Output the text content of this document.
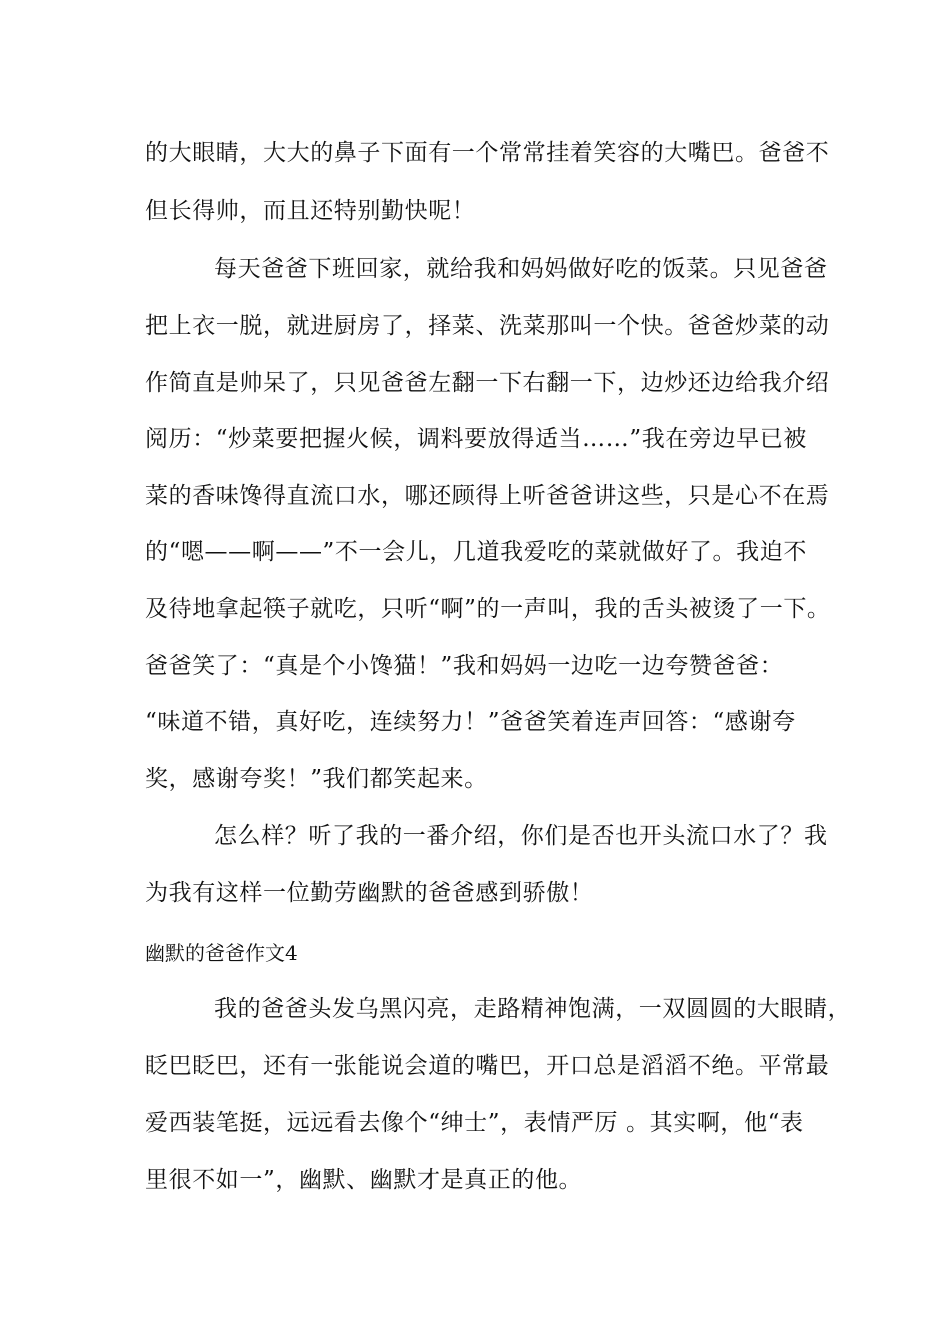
的大眼睛，大大的鼻子下面有一个常常挂着笑容的大嘴巴。爸爸不
但长得帅，而且还特别勤快呢！
每天爸爸下班回家，就给我和妈妈做好吃的饭菜。只见爸爸
把上衣一脱，就进厨房了，择菜、洗菜那叫一个快。爸爸炒菜的动
作简直是帅呆了，只见爸爸左翻一下右翻一下，边炒还边给我介绍
阅历：“炒菜要把握火候，调料要放得适当……”我在旁边早已被
菜的香味馋得直流口水，哪还顾得上听爸爸讲这些，只是心不在焉
的“嗯——啊——”不一会儿，几道我爱吃的菜就做好了。我迫不
及待地拿起筷子就吃，只听“啊”的一声叫，我的舌头被烫了一下。
爸爸笑了：“真是个小馋猫！”我和妈妈一边吃一边夸赞爸爸：
“味道不错，真好吃，连续努力！”爸爸笑着连声回答：“感谢夸
奖，感谢夸奖！”我们都笑起来。
怎么样？听了我的一番介绍，你们是否也开头流口水了？我
为我有这样一位勤劳幽默的爸爸感到骄傲！
幽默的爸爸作文4
我的爸爸头发乌黑闪亮，走路精神饱满，一双圆圆的大眼睛，
眨巴眨巴，还有一张能说会道的嘴巴，开口总是滔滔不绝。平常最
爱西装笔挺，远远看去像个“绅士”，表情严厉 。其实啊，他“表
里很不如一”，幽默、幽默才是真正的他。
